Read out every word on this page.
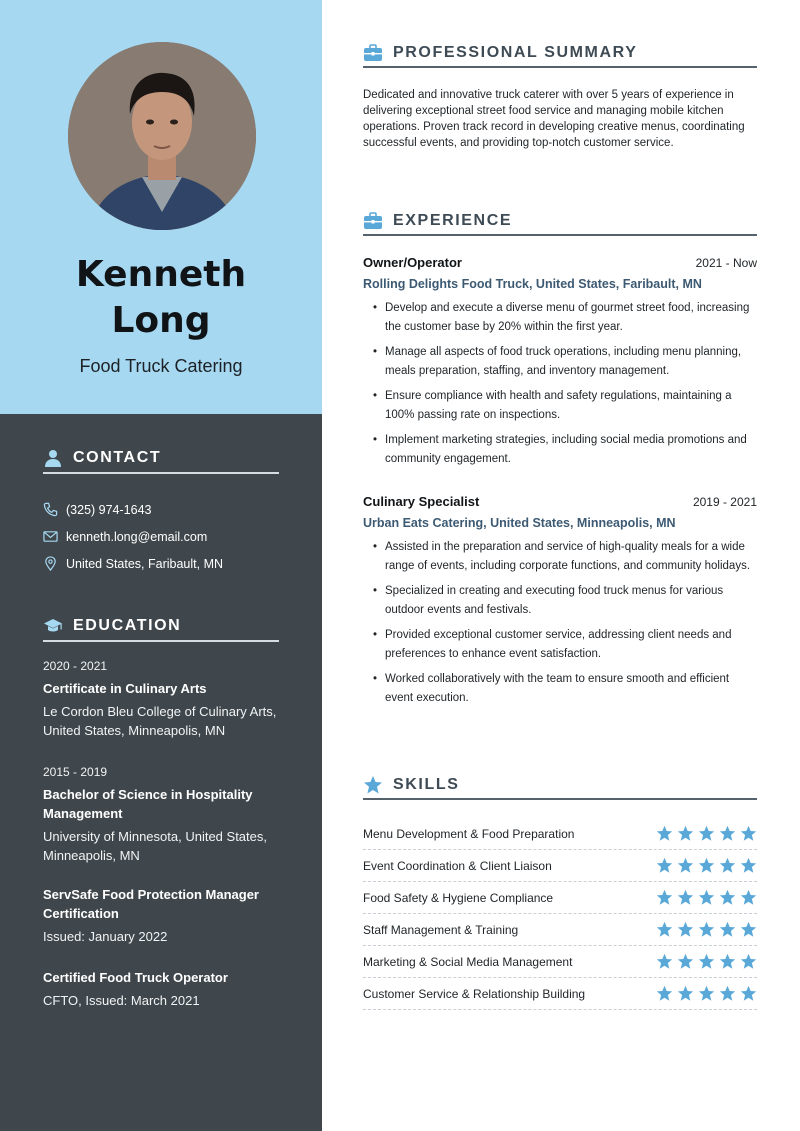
Kenneth
Long
Food Truck Catering
CONTACT
(325) 974-1643
kenneth.long@email.com
United States, Faribault, MN
EDUCATION
2020 - 2021
Certificate in Culinary Arts
Le Cordon Bleu College of Culinary Arts, United States, Minneapolis, MN
2015 - 2019
Bachelor of Science in Hospitality Management
University of Minnesota, United States, Minneapolis, MN
ServSafe Food Protection Manager Certification
Issued: January 2022
Certified Food Truck Operator
CFTO, Issued: March 2021
PROFESSIONAL SUMMARY
Dedicated and innovative truck caterer with over 5 years of experience in delivering exceptional street food service and managing mobile kitchen operations. Proven track record in developing creative menus, coordinating successful events, and providing top-notch customer service.
EXPERIENCE
Owner/Operator	2021 - Now
Rolling Delights Food Truck, United States, Faribault, MN
• Develop and execute a diverse menu of gourmet street food, increasing the customer base by 20% within the first year.
• Manage all aspects of food truck operations, including menu planning, meals preparation, staffing, and inventory management.
• Ensure compliance with health and safety regulations, maintaining a 100% passing rate on inspections.
• Implement marketing strategies, including social media promotions and community engagement.
Culinary Specialist	2019 - 2021
Urban Eats Catering, United States, Minneapolis, MN
• Assisted in the preparation and service of high-quality meals for a wide range of events, including corporate functions, and community holidays.
• Specialized in creating and executing food truck menus for various outdoor events and festivals.
• Provided exceptional customer service, addressing client needs and preferences to enhance event satisfaction.
• Worked collaboratively with the team to ensure smooth and efficient event execution.
SKILLS
Menu Development & Food Preparation
Event Coordination & Client Liaison
Food Safety & Hygiene Compliance
Staff Management & Training
Marketing & Social Media Management
Customer Service & Relationship Building
